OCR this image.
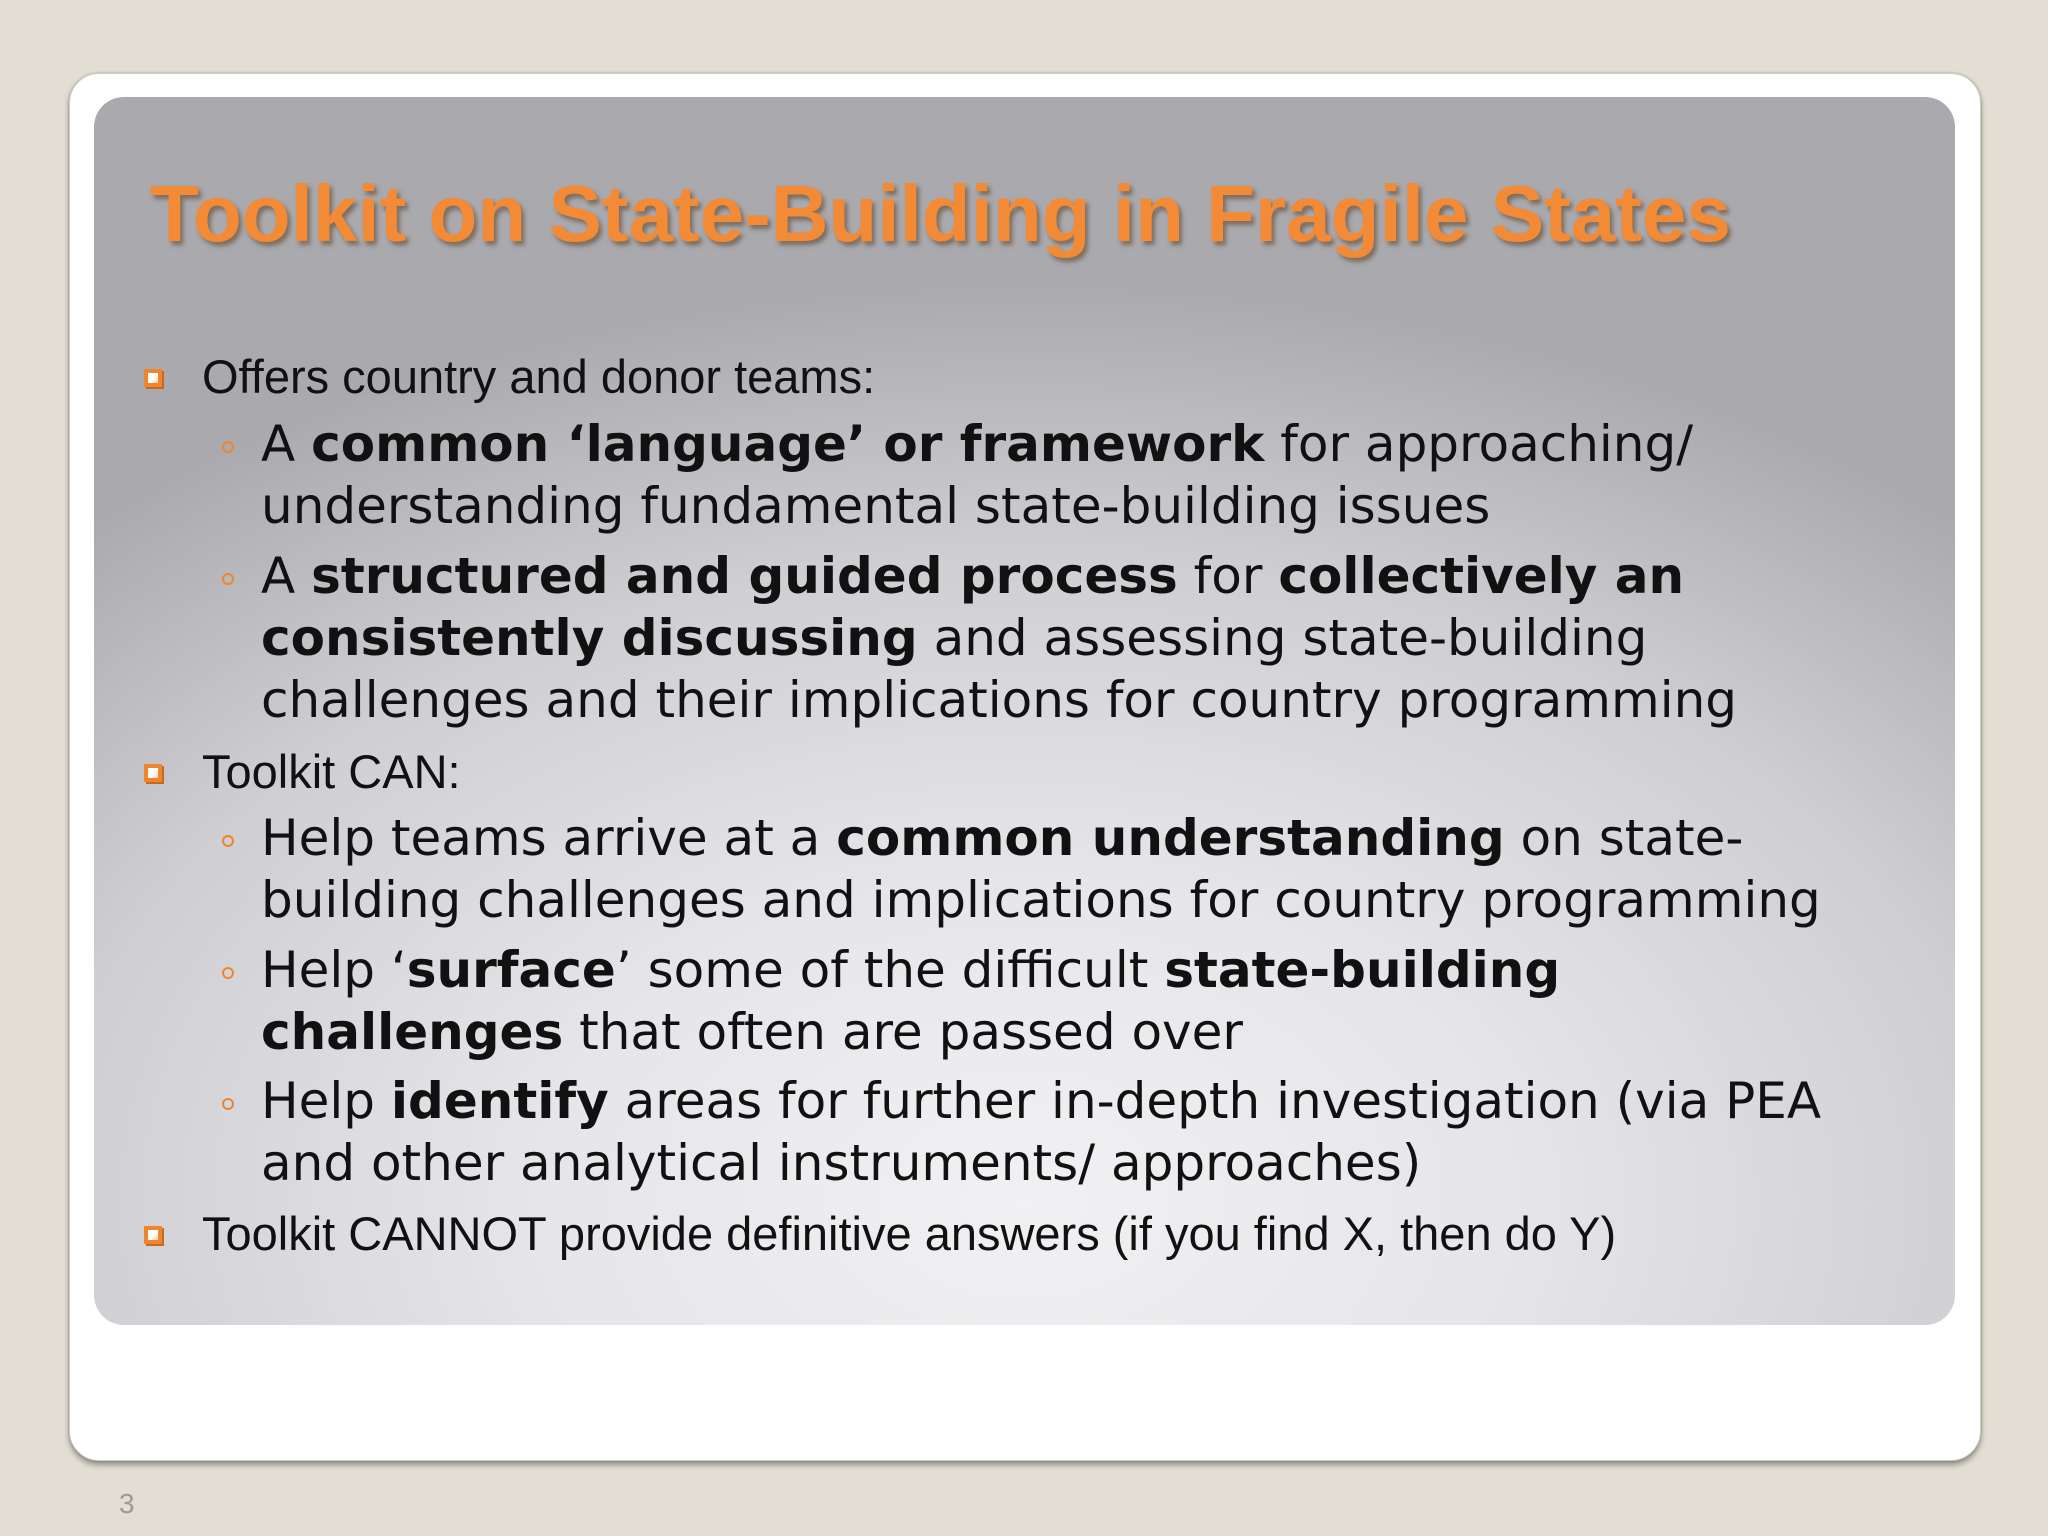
Toolkit on State-Building in Fragile States
Offers country and donor teams:
A common ‘language’ or framework for approaching/
understanding fundamental state-building issues
A structured and guided process for collectively an
consistently discussing and assessing state-building
challenges and their implications for country programming
Toolkit CAN:
Help teams arrive at a common understanding on state-
building challenges and implications for country programming
Help ‘surface’ some of the difficult state-building
challenges that often are passed over
Help identify areas for further in-depth investigation (via PEA
and other analytical instruments/ approaches)
Toolkit CANNOT provide definitive answers (if you find X, then do Y)
3
